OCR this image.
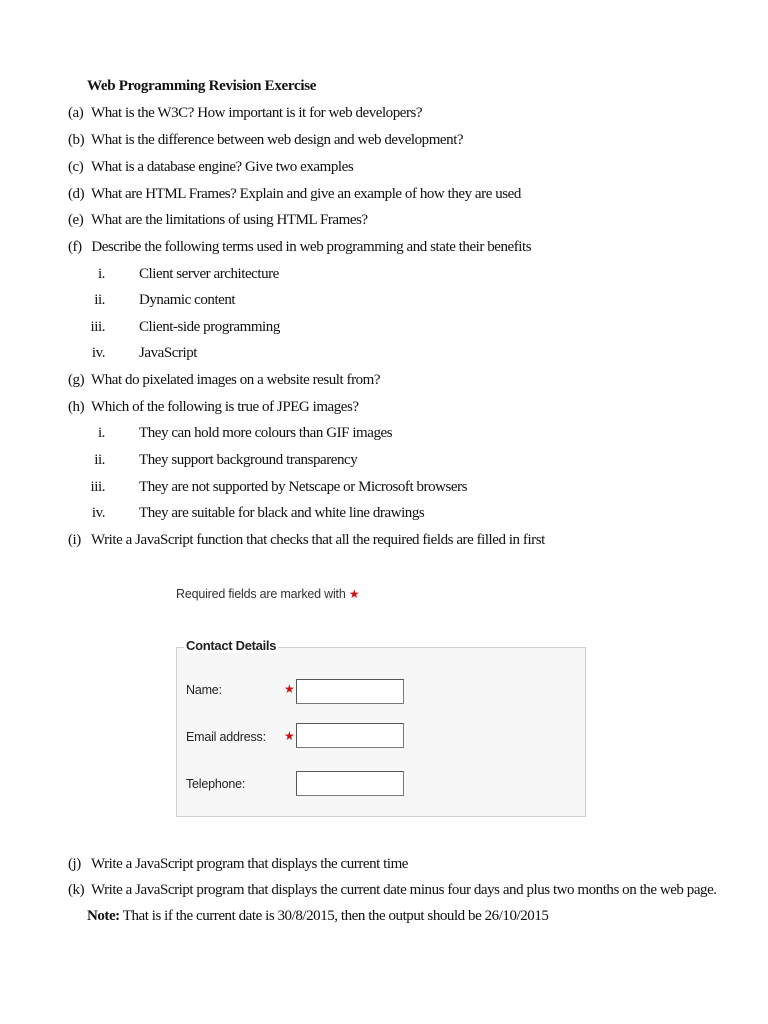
Web Programming Revision Exercise
(a) What is the W3C? How important is it for web developers?
(b) What is the difference between web design and web development?
(c) What is a database engine? Give two examples
(d) What are HTML Frames? Explain and give an example of how they are used
(e) What are the limitations of using HTML Frames?
(f) Describe the following terms used in web programming and state their benefits
i. Client server architecture
ii. Dynamic content
iii. Client-side programming
iv. JavaScript
(g) What do pixelated images on a website result from?
(h) Which of the following is true of JPEG images?
i. They can hold more colours than GIF images
ii. They support background transparency
iii. They are not supported by Netscape or Microsoft browsers
iv. They are suitable for black and white line drawings
(i) Write a JavaScript function that checks that all the required fields are filled in first
Required fields are marked with ★
Contact Details
Name:	★
Email address: ★
Telephone:
(j) Write a JavaScript program that displays the current time
(k) Write a JavaScript program that displays the current date minus four days and plus two months on the web page.
Note: That is if the current date is 30/8/2015, then the output should be 26/10/2015
